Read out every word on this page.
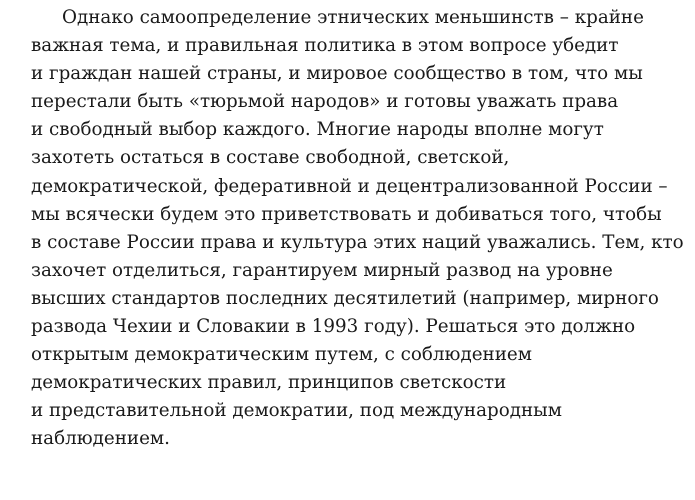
Однако самоопределение этнических меньшинств – крайне
важная тема, и правильная политика в этом вопросе убедит
и граждан нашей страны, и мировое сообщество в том, что мы
перестали быть «тюрьмой народов» и готовы уважать права
и свободный выбор каждого. Многие народы вполне могут
захотеть остаться в составе свободной, светской,
демократической, федеративной и децентрализованной России –
мы всячески будем это приветствовать и добиваться того, чтобы
в составе России права и культура этих наций уважались. Тем, кто
захочет отделиться, гарантируем мирный развод на уровне
высших стандартов последних десятилетий (например, мирного
развода Чехии и Словакии в 1993 году). Решаться это должно
открытым демократическим путем, с соблюдением
демократических правил, принципов светскости
и представительной демократии, под международным
наблюдением.
